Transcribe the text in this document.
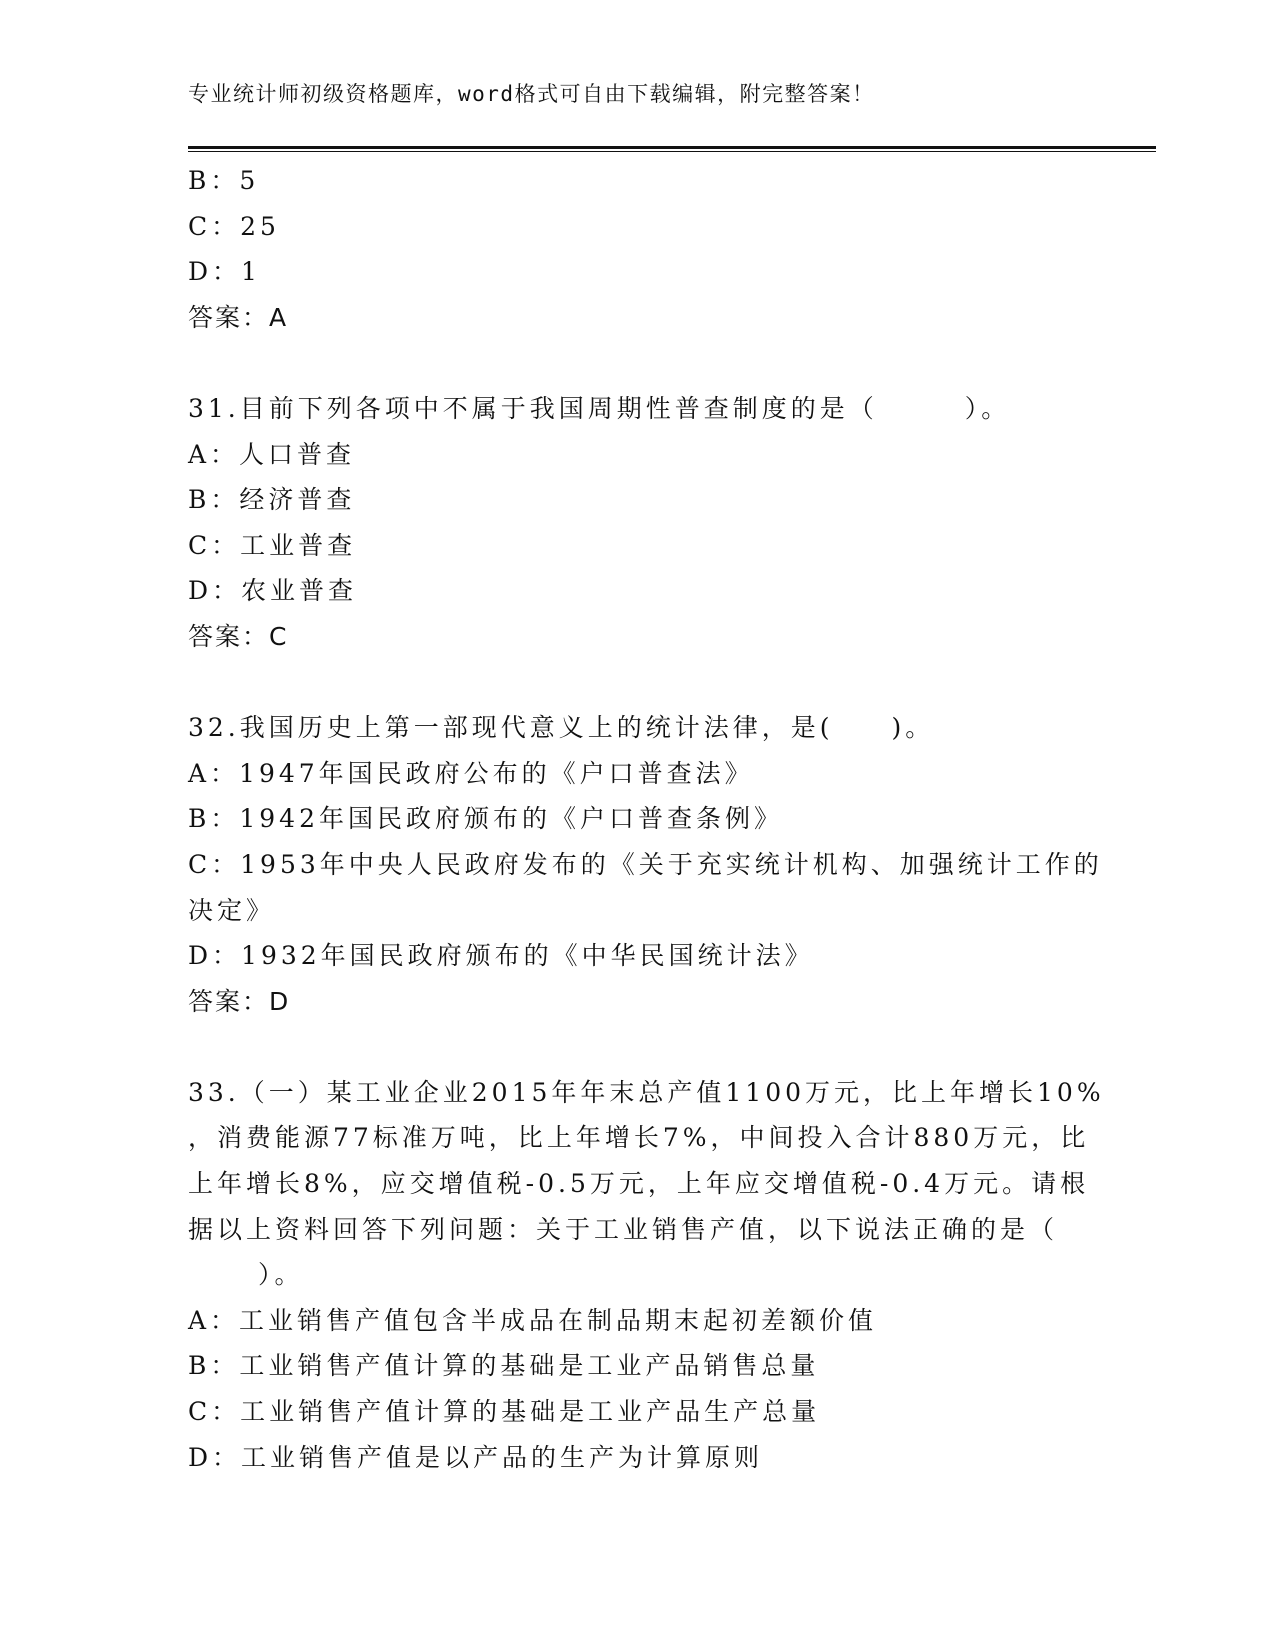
专业统计师初级资格题库，word格式可自由下载编辑，附完整答案！
B：5
C：25
D：1
答案：A
31.目前下列各项中不属于我国周期性普查制度的是（　　　）。
A：人口普查
B：经济普查
C：工业普查
D：农业普查
答案：C
32.我国历史上第一部现代意义上的统计法律，是(　　)。
A：1947年国民政府公布的《户口普查法》
B：1942年国民政府颁布的《户口普查条例》
C：1953年中央人民政府发布的《关于充实统计机构、加强统计工作的
决定》
D：1932年国民政府颁布的《中华民国统计法》
答案：D
33.（一）某工业企业2015年年末总产值1100万元，比上年增长10%
，消费能源77标准万吨，比上年增长7%，中间投入合计880万元，比
上年增长8%，应交增值税-0.5万元，上年应交增值税-0.4万元。请根
据以上资料回答下列问题：关于工业销售产值，以下说法正确的是（
）。
A：工业销售产值包含半成品在制品期末起初差额价值
B：工业销售产值计算的基础是工业产品销售总量
C：工业销售产值计算的基础是工业产品生产总量
D：工业销售产值是以产品的生产为计算原则
